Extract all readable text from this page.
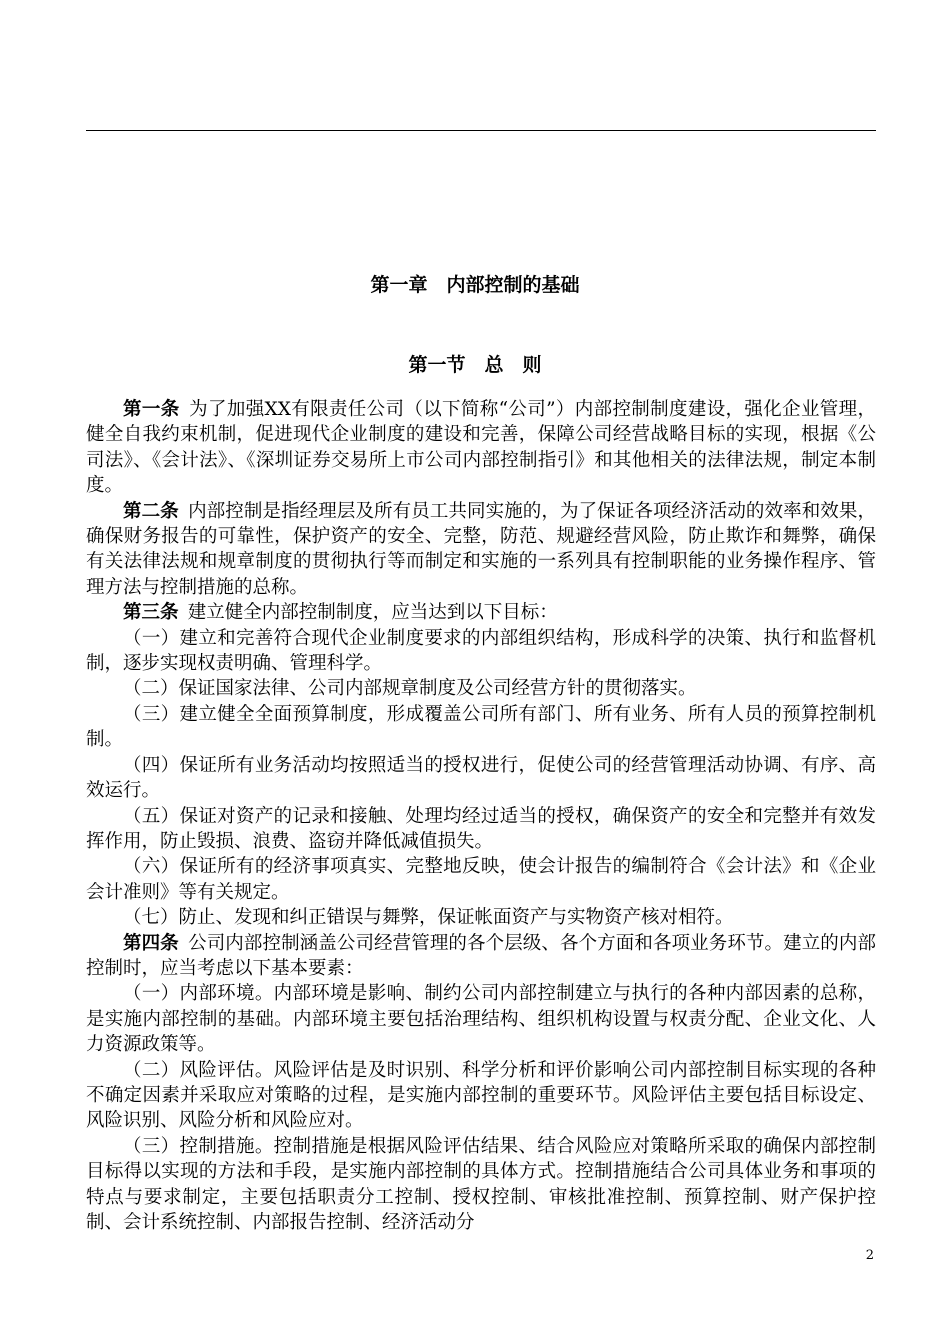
第一章　内部控制的基础
第一节　总　则

第一条  为了加强XX有限责任公司（以下简称“公司”）内部控制制度建设，强化企业管理，健全自我约束机制，促进现代企业制度的建设和完善，保障公司经营战略目标的实现，根据《公司法》、《会计法》、《深圳证券交易所上市公司内部控制指引》和其他相关的法律法规，制定本制度。

第二条  内部控制是指经理层及所有员工共同实施的，为了保证各项经济活动的效率和效果，确保财务报告的可靠性，保护资产的安全、完整，防范、规避经营风险，防止欺诈和舞弊，确保有关法律法规和规章制度的贯彻执行等而制定和实施的一系列具有控制职能的业务操作程序、管理方法与控制措施的总称。

第三条  建立健全内部控制制度，应当达到以下目标：

（一）建立和完善符合现代企业制度要求的内部组织结构，形成科学的决策、执行和监督机制，逐步实现权责明确、管理科学。

（二）保证国家法律、公司内部规章制度及公司经营方针的贯彻落实。

（三）建立健全全面预算制度，形成覆盖公司所有部门、所有业务、所有人员的预算控制机制。

（四）保证所有业务活动均按照适当的授权进行，促使公司的经营管理活动协调、有序、高效运行。

（五）保证对资产的记录和接触、处理均经过适当的授权，确保资产的安全和完整并有效发挥作用，防止毁损、浪费、盗窃并降低减值损失。

（六）保证所有的经济事项真实、完整地反映，使会计报告的编制符合《会计法》和《企业会计准则》等有关规定。

（七）防止、发现和纠正错误与舞弊，保证帐面资产与实物资产核对相符。

第四条  公司内部控制涵盖公司经营管理的各个层级、各个方面和各项业务环节。建立的内部控制时，应当考虑以下基本要素：

（一）内部环境。内部环境是影响、制约公司内部控制建立与执行的各种内部因素的总称，是实施内部控制的基础。内部环境主要包括治理结构、组织机构设置与权责分配、企业文化、人力资源政策等。

（二）风险评估。风险评估是及时识别、科学分析和评价影响公司内部控制目标实现的各种不确定因素并采取应对策略的过程，是实施内部控制的重要环节。风险评估主要包括目标设定、风险识别、风险分析和风险应对。

（三）控制措施。控制措施是根据风险评估结果、结合风险应对策略所采取的确保内部控制目标得以实现的方法和手段，是实施内部控制的具体方式。控制措施结合公司具体业务和事项的特点与要求制定，主要包括职责分工控制、授权控制、审核批准控制、预算控制、财产保护控制、会计系统控制、内部报告控制、经济活动分

2
